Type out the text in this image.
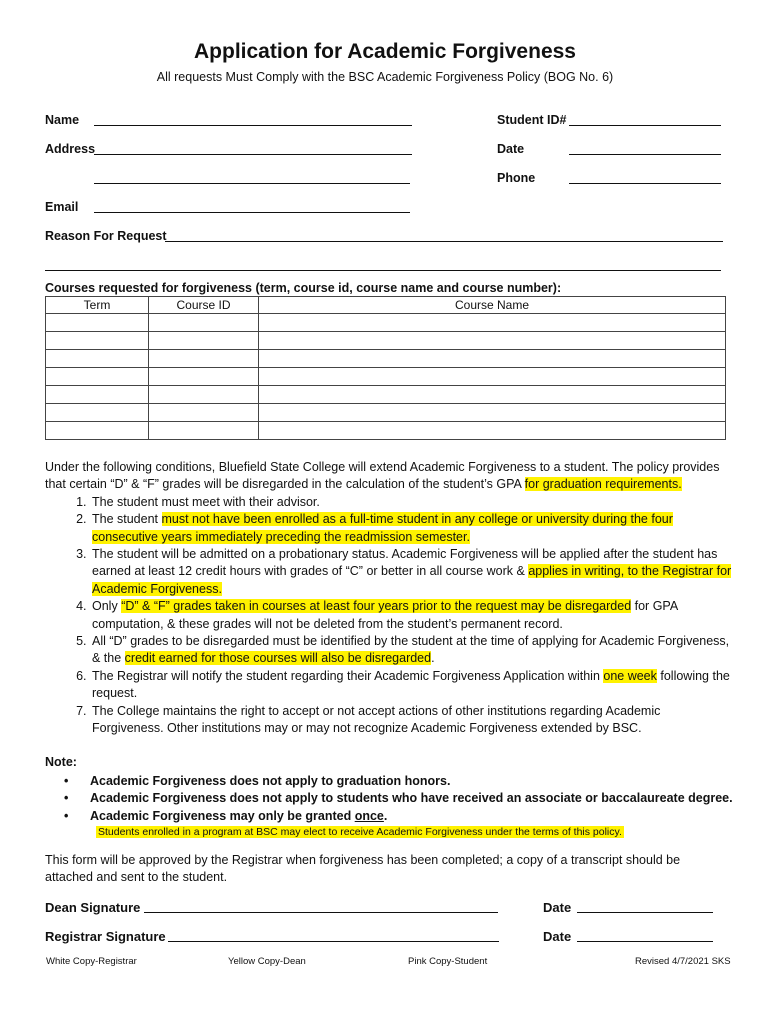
Application for Academic Forgiveness
All requests Must Comply with the BSC Academic Forgiveness Policy (BOG No. 6)
Name	Student ID#
Address	Date
Phone
Email
Reason For Request
Courses requested for forgiveness (term, course id, course name and course number):
Term	Course ID	Course Name

Under the following conditions, Bluefield State College will extend Academic Forgiveness to a student. The policy provides that certain “D” & “F” grades will be disregarded in the calculation of the student’s GPA for graduation requirements.

1. The student must meet with their advisor.
2. The student must not have been enrolled as a full-time student in any college or university during the four consecutive years immediately preceding the readmission semester.
3. The student will be admitted on a probationary status. Academic Forgiveness will be applied after the student has earned at least 12 credit hours with grades of “C” or better in all course work & applies in writing, to the Registrar for Academic Forgiveness.
4. Only “D” & “F” grades taken in courses at least four years prior to the request may be disregarded for GPA computation, & these grades will not be deleted from the student’s permanent record.
5. All “D” grades to be disregarded must be identified by the student at the time of applying for Academic Forgiveness, & the credit earned for those courses will also be disregarded.
6. The Registrar will notify the student regarding their Academic Forgiveness Application within one week following the request.
7. The College maintains the right to accept or not accept actions of other institutions regarding Academic Forgiveness. Other institutions may or may not recognize Academic Forgiveness extended by BSC.
Note:
• Academic Forgiveness does not apply to graduation honors.
• Academic Forgiveness does not apply to students who have received an associate or baccalaureate degree.
• Academic Forgiveness may only be granted once.
Students enrolled in a program at BSC may elect to receive Academic Forgiveness under the terms of this policy.
This form will be approved by the Registrar when forgiveness has been completed; a copy of a transcript should be attached and sent to the student.
Dean Signature	Date
Registrar Signature	Date
White Copy-Registrar	Yellow Copy-Dean	Pink Copy-Student	Revised 4/7/2021 SKS
